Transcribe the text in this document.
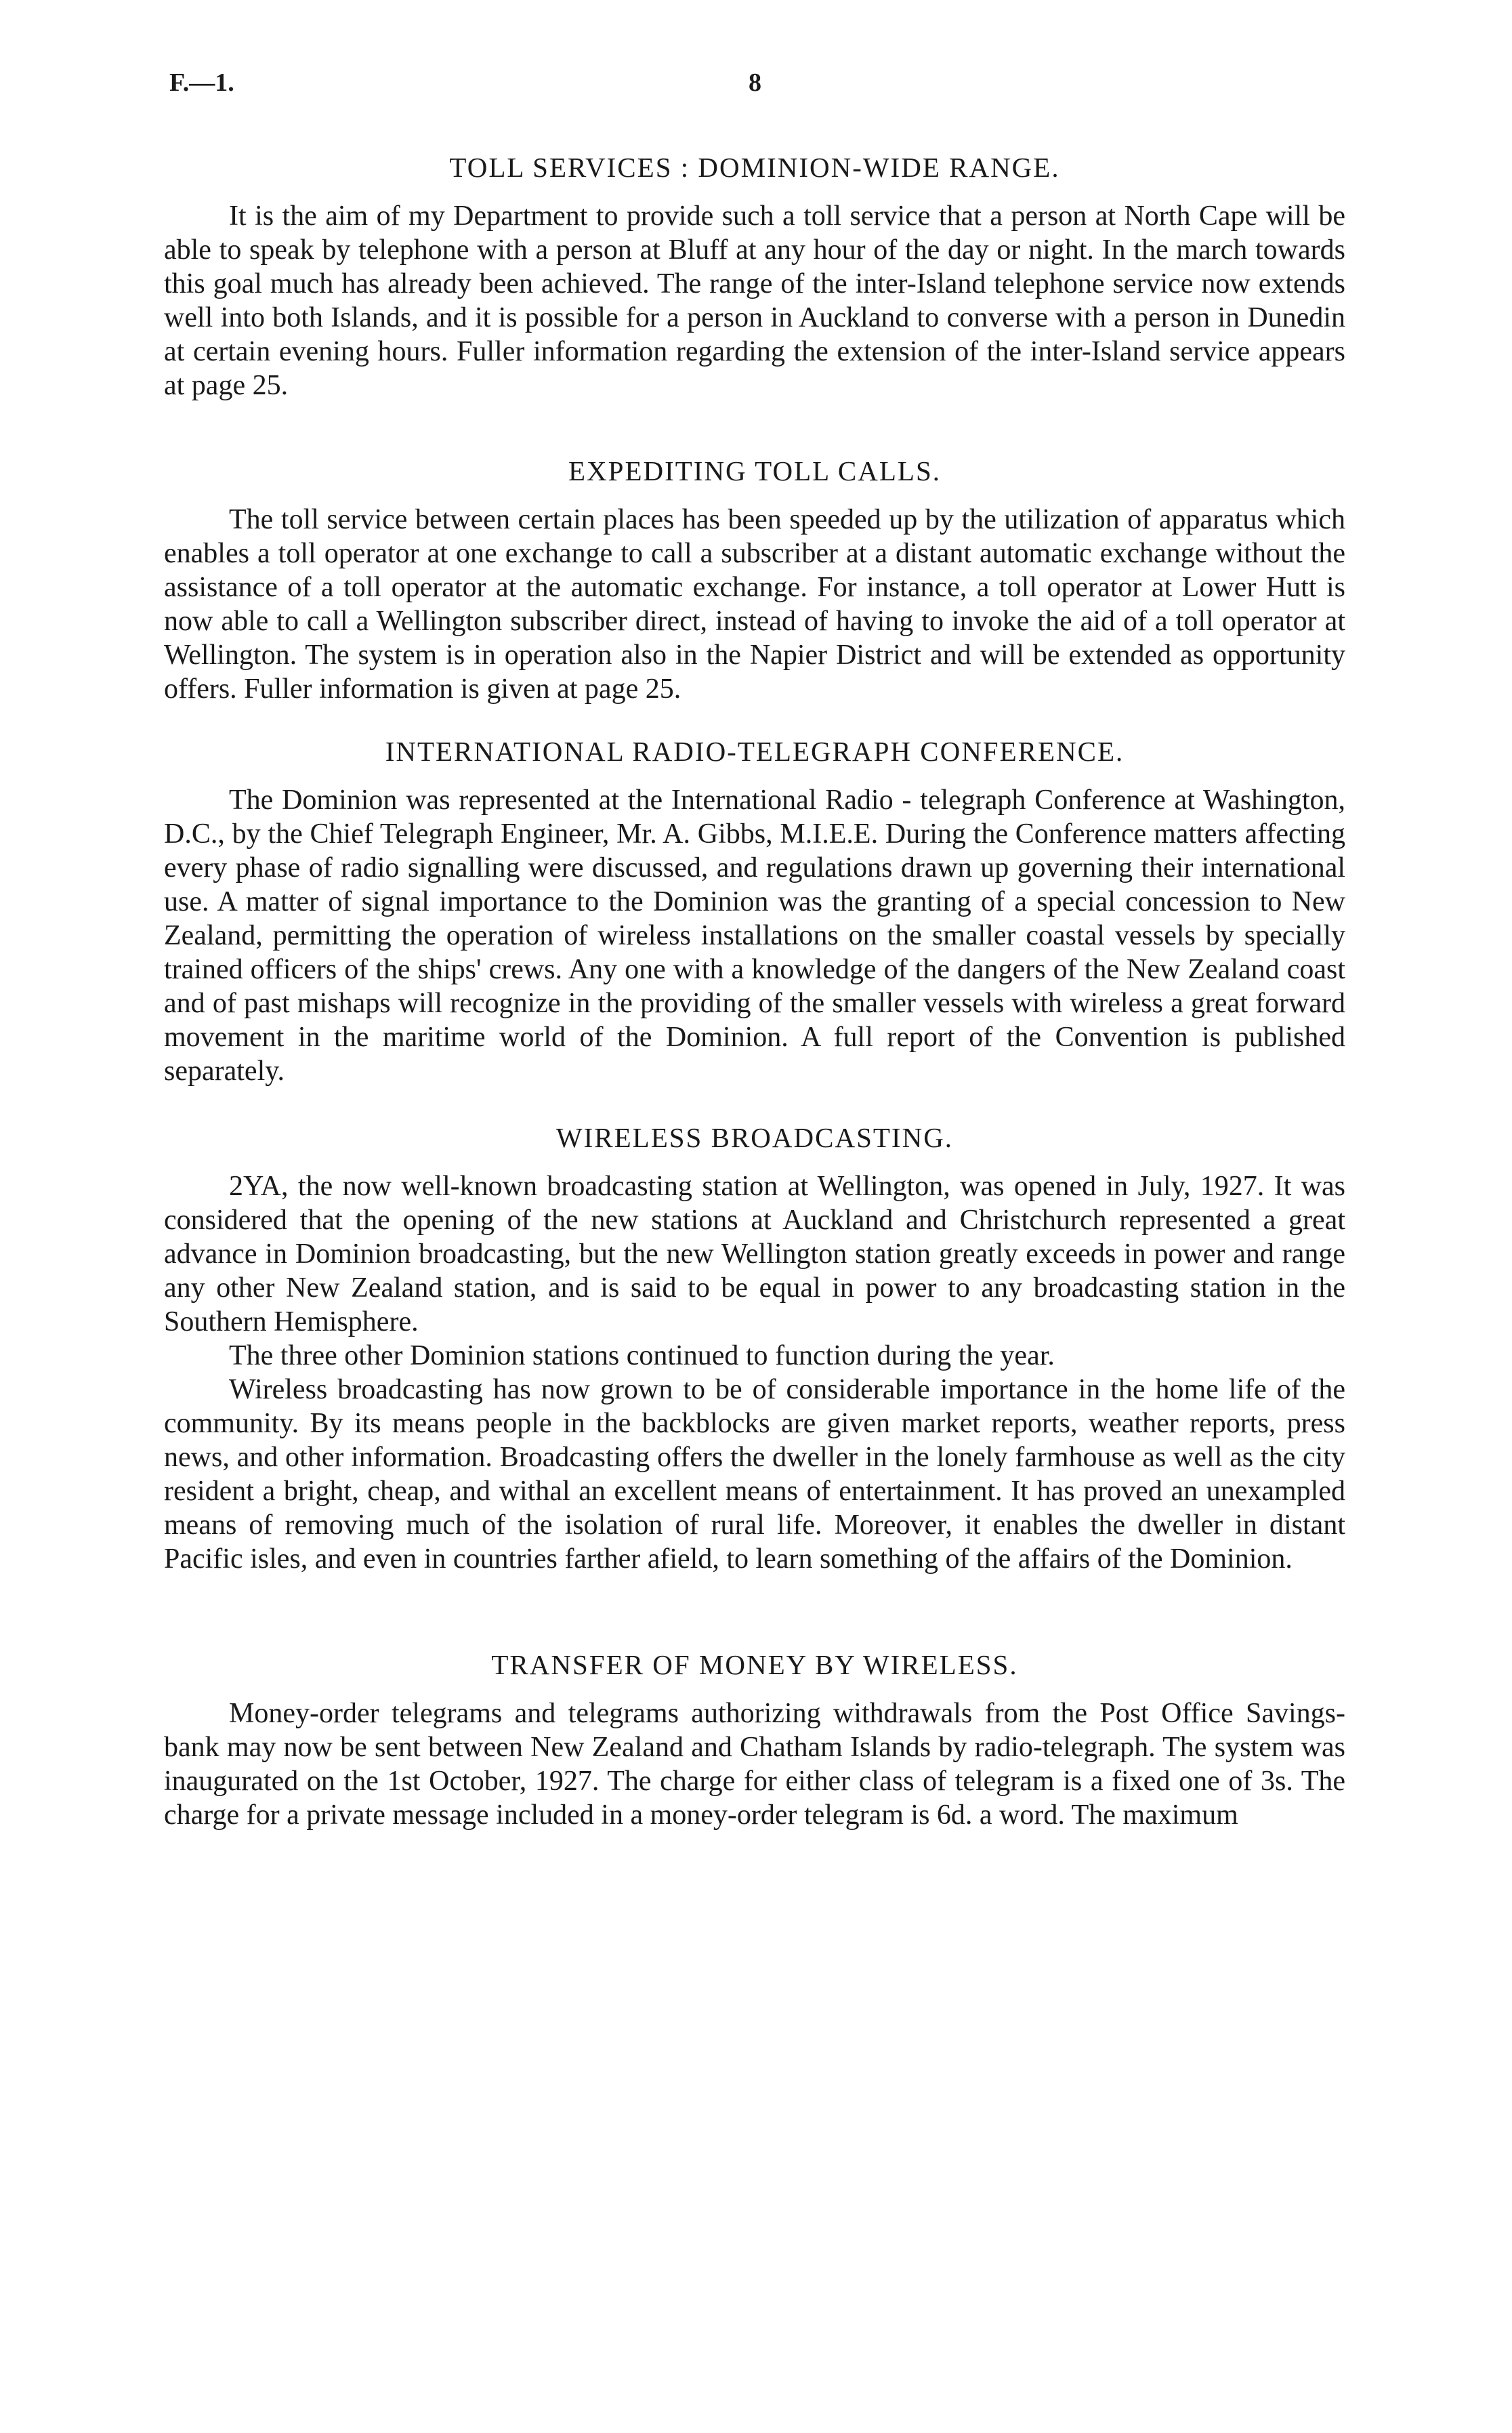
F.—1.	8
TOLL SERVICES : DOMINION-WIDE RANGE.

It is the aim of my Department to provide such a toll service that a person at North Cape will be able to speak by telephone with a person at Bluff at any hour of the day or night. In the march towards this goal much has already been achieved. The range of the inter-Island telephone service now extends well into both Islands, and it is possible for a person in Auckland to converse with a person in Dunedin at certain evening hours. Fuller information regarding the extension of the inter-Island service appears at page 25.

EXPEDITING TOLL CALLS.

The toll service between certain places has been speeded up by the utilization of apparatus which enables a toll operator at one exchange to call a subscriber at a distant automatic exchange without the assistance of a toll operator at the automatic exchange. For instance, a toll operator at Lower Hutt is now able to call a Wellington subscriber direct, instead of having to invoke the aid of a toll operator at Wellington. The system is in operation also in the Napier District and will be extended as opportunity offers. Fuller information is given at page 25.

INTERNATIONAL RADIO-TELEGRAPH CONFERENCE.

The Dominion was represented at the International Radio - telegraph Conference at Washington, D.C., by the Chief Telegraph Engineer, Mr. A. Gibbs, M.I.E.E. During the Conference matters affecting every phase of radio signalling were discussed, and regulations drawn up governing their international use. A matter of signal importance to the Dominion was the granting of a special concession to New Zealand, permitting the operation of wireless installations on the smaller coastal vessels by specially trained officers of the ships' crews. Any one with a knowledge of the dangers of the New Zealand coast and of past mishaps will recognize in the providing of the smaller vessels with wireless a great forward movement in the maritime world of the Dominion. A full report of the Convention is published separately.

WIRELESS BROADCASTING.

2YA, the now well-known broadcasting station at Wellington, was opened in July, 1927. It was considered that the opening of the new stations at Auckland and Christchurch represented a great advance in Dominion broadcasting, but the new Wellington station greatly exceeds in power and range any other New Zealand station, and is said to be equal in power to any broadcasting station in the Southern Hemisphere.

The three other Dominion stations continued to function during the year.

Wireless broadcasting has now grown to be of considerable importance in the home life of the community. By its means people in the backblocks are given market reports, weather reports, press news, and other information. Broadcasting offers the dweller in the lonely farmhouse as well as the city resident a bright, cheap, and withal an excellent means of entertainment. It has proved an unexampled means of removing much of the isolation of rural life. Moreover, it enables the dweller in distant Pacific isles, and even in countries farther afield, to learn something of the affairs of the Dominion.

TRANSFER OF MONEY BY WIRELESS.

Money-order telegrams and telegrams authorizing withdrawals from the Post Office Savings-bank may now be sent between New Zealand and Chatham Islands by radio-telegraph. The system was inaugurated on the 1st October, 1927. The charge for either class of telegram is a fixed one of 3s. The charge for a private message included in a money-order telegram is 6d. a word. The maximum
